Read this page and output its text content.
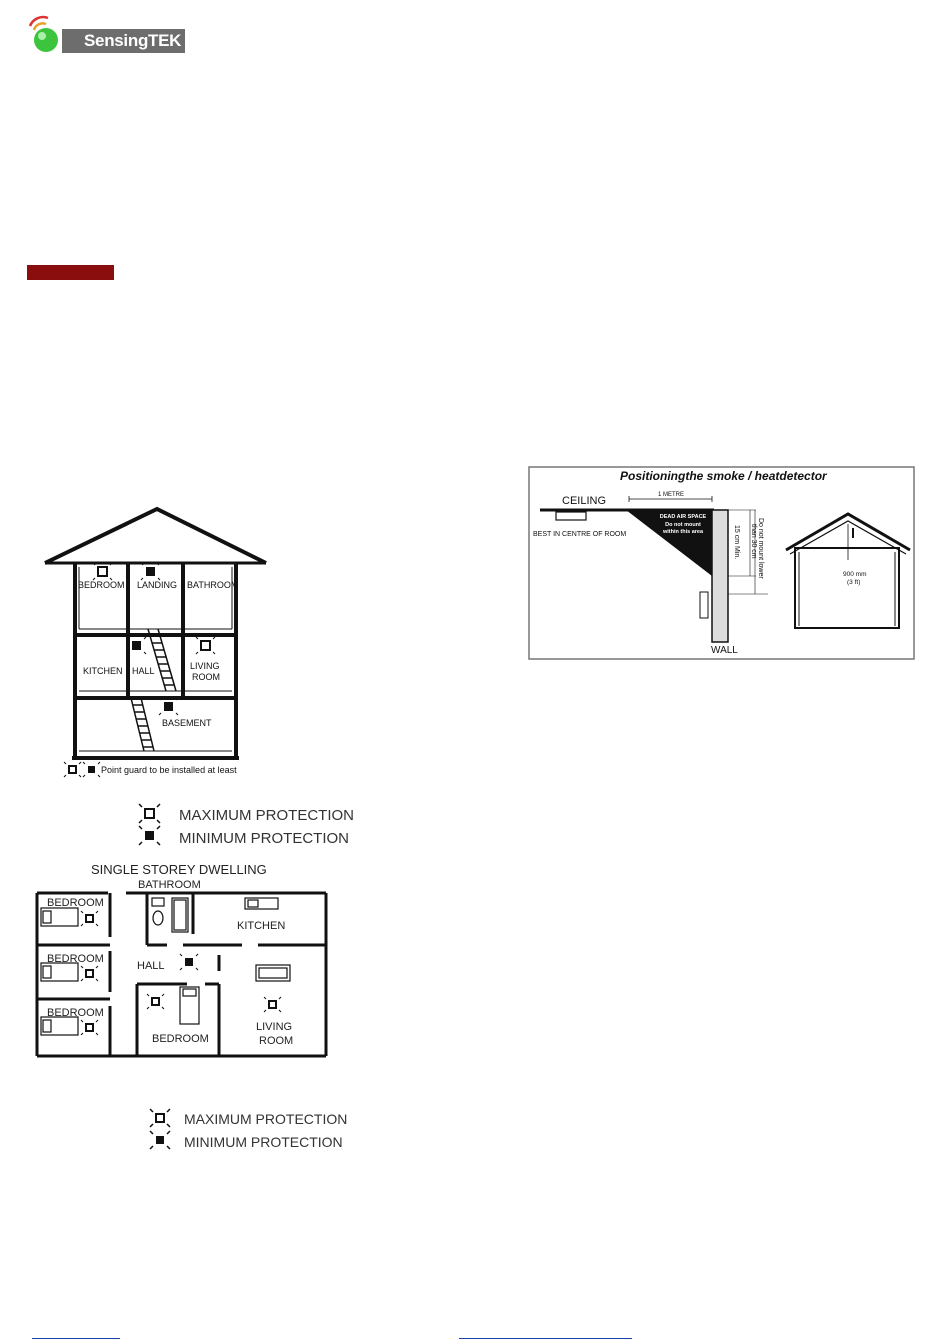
SensingTEK
BEDROOM LANDING BATHROOM
KITCHEN HALL	LIVING
ROOM
BASEMENT
Point guard to be installed at least
MAXIMUM PROTECTION
MINIMUM PROTECTION
SINGLE STOREY DWELLING
BATHROOM
BEDROOM
BEDROOM
BEDROOM
KITCHEN
HALL
BEDROOM
LIVING
ROOM
MAXIMUM PROTECTION
MINIMUM PROTECTION
Positioningthe smoke / heatdetector
CEILING
BEST IN CENTRE OF ROOM
1 METRE
DEAD AIR SPACE
Do not mount
within this area
WALL
15 cm Min. Do not mount lower
than 30 cm
900 mm
(3 ft)
